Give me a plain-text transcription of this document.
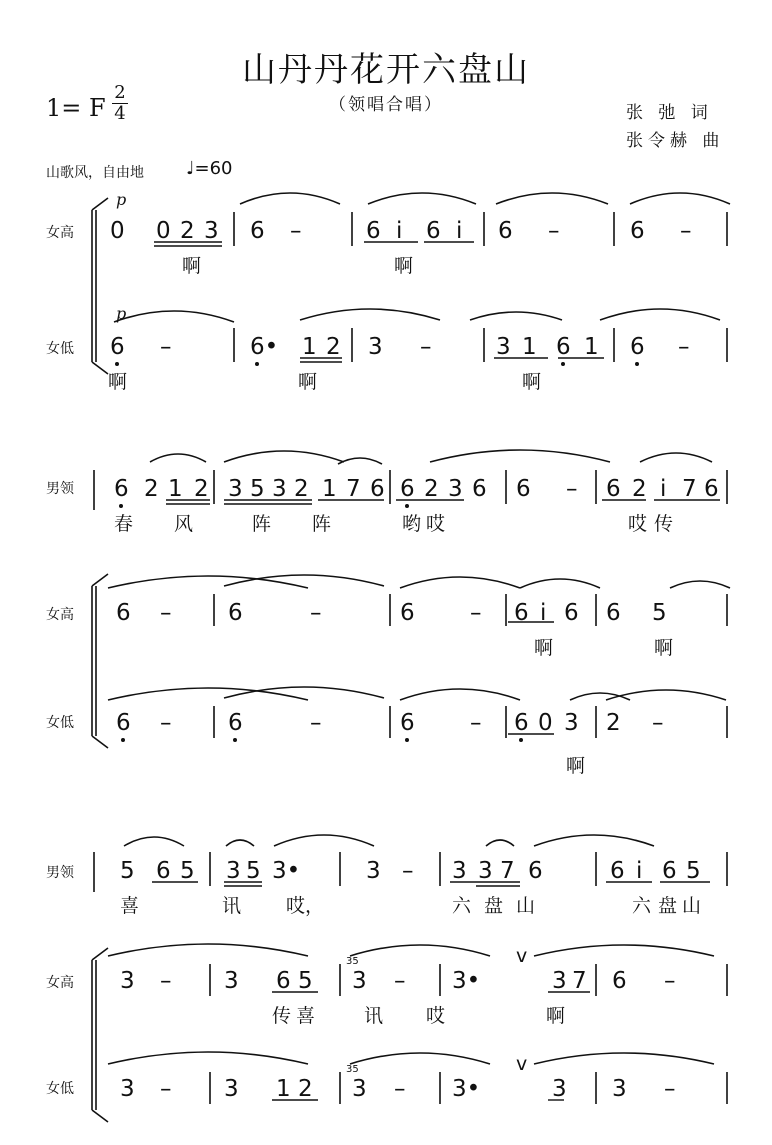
山丹丹花开六盘山
（领唱合唱）
1= F
2
4	张 弛 词
张令赫 曲
山歌风，自由地 ♩=60
女高
女低
男领
女高
女低
男领
女高
女低
p
p
0 0 2 3 6 –	6 i 6 i 6 –	6 –
啊	啊
6 –	6• 1 2 3 –	3 1 6 1 6 –
啊	啊	啊
6 2 1 2 3 5 3 2 1 7 6 6 2 3 6 6 – 6 2 i 7 6
春 风	阵 阵	哟 哎	哎 传
6 – 6	–	6 – 6 i 6 6 5
啊	啊
6 – 6	–	6 – 6 0 3 2 –
啊
5 6 5 3 5 3•	3 – 3 3 7 6	6 i 6 5
喜	讯 哎，	六 盘 山	六 盘 山
3 – 3 6 5 3 – 3•	3 7 6 –
传 喜	讯 哎	啊
3 – 3 1 2 3 – 3•	3 3 –
35
35
v
v
